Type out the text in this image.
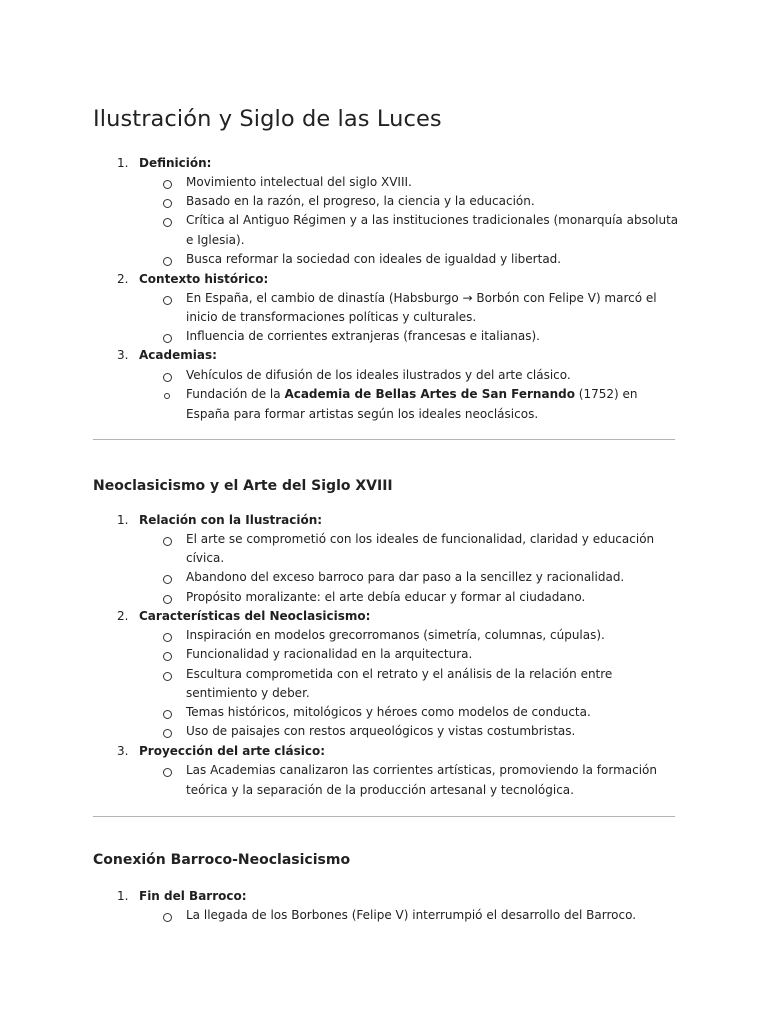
Ilustración y Siglo de las Luces
1. Definición:
Movimiento intelectual del siglo XVIII.
Basado en la razón, el progreso, la ciencia y la educación.
Crítica al Antiguo Régimen y a las instituciones tradicionales (monarquía absoluta
e Iglesia).
Busca reformar la sociedad con ideales de igualdad y libertad.
2. Contexto histórico:
En España, el cambio de dinastía (Habsburgo → Borbón con Felipe V) marcó el
inicio de transformaciones políticas y culturales.
Influencia de corrientes extranjeras (francesas e italianas).
3. Academias:
Vehículos de difusión de los ideales ilustrados y del arte clásico.
Fundación de la Academia de Bellas Artes de San Fernando (1752) en
España para formar artistas según los ideales neoclásicos.
Neoclasicismo y el Arte del Siglo XVIII
1. Relación con la Ilustración:
El arte se comprometió con los ideales de funcionalidad, claridad y educación
cívica.
Abandono del exceso barroco para dar paso a la sencillez y racionalidad.
Propósito moralizante: el arte debía educar y formar al ciudadano.
2. Características del Neoclasicismo:
Inspiración en modelos grecorromanos (simetría, columnas, cúpulas).
Funcionalidad y racionalidad en la arquitectura.
Escultura comprometida con el retrato y el análisis de la relación entre
sentimiento y deber.
Temas históricos, mitológicos y héroes como modelos de conducta.
Uso de paisajes con restos arqueológicos y vistas costumbristas.
3. Proyección del arte clásico:
Las Academias canalizaron las corrientes artísticas, promoviendo la formación
teórica y la separación de la producción artesanal y tecnológica.
Conexión Barroco-Neoclasicismo
1. Fin del Barroco:
La llegada de los Borbones (Felipe V) interrumpió el desarrollo del Barroco.
